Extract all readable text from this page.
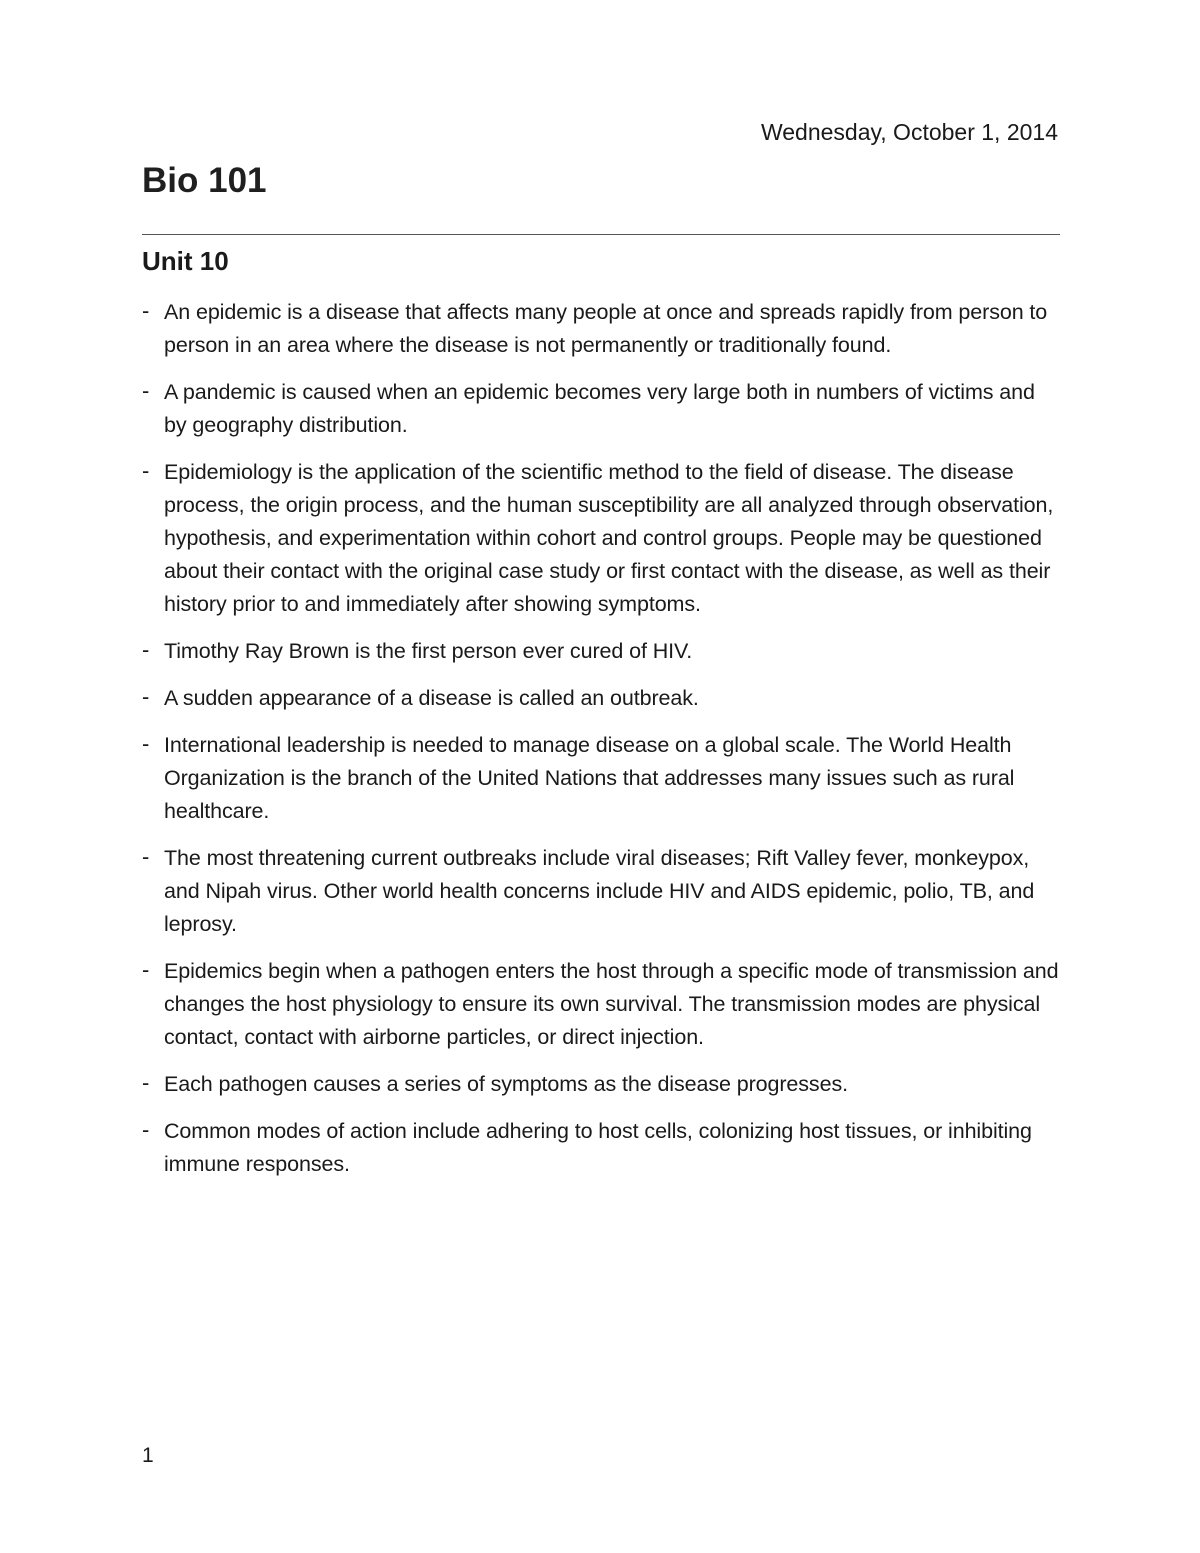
Wednesday, October 1, 2014
Bio 101
Unit 10
- An epidemic is a disease that affects many people at once and spreads rapidly from person to person in an area where the disease is not permanently or traditionally found.
- A pandemic is caused when an epidemic becomes very large both in numbers of victims and by geography distribution.
- Epidemiology is the application of the scientific method to the field of disease. The disease process, the origin process, and the human susceptibility are all analyzed through observation, hypothesis, and experimentation within cohort and control groups. People may be questioned about their contact with the original case study or first contact with the disease, as well as their history prior to and immediately after showing symptoms.
- Timothy Ray Brown is the first person ever cured of HIV.
- A sudden appearance of a disease is called an outbreak.
- International leadership is needed to manage disease on a global scale. The World Health Organization is the branch of the United Nations that addresses many issues such as rural healthcare.
- The most threatening current outbreaks include viral diseases; Rift Valley fever, monkeypox, and Nipah virus. Other world health concerns include HIV and AIDS epidemic, polio, TB, and leprosy.
- Epidemics begin when a pathogen enters the host through a specific mode of transmission and changes the host physiology to ensure its own survival. The transmission modes are physical contact, contact with airborne particles, or direct injection.
- Each pathogen causes a series of symptoms as the disease progresses.
- Common modes of action include adhering to host cells, colonizing host tissues, or inhibiting immune responses.
1
